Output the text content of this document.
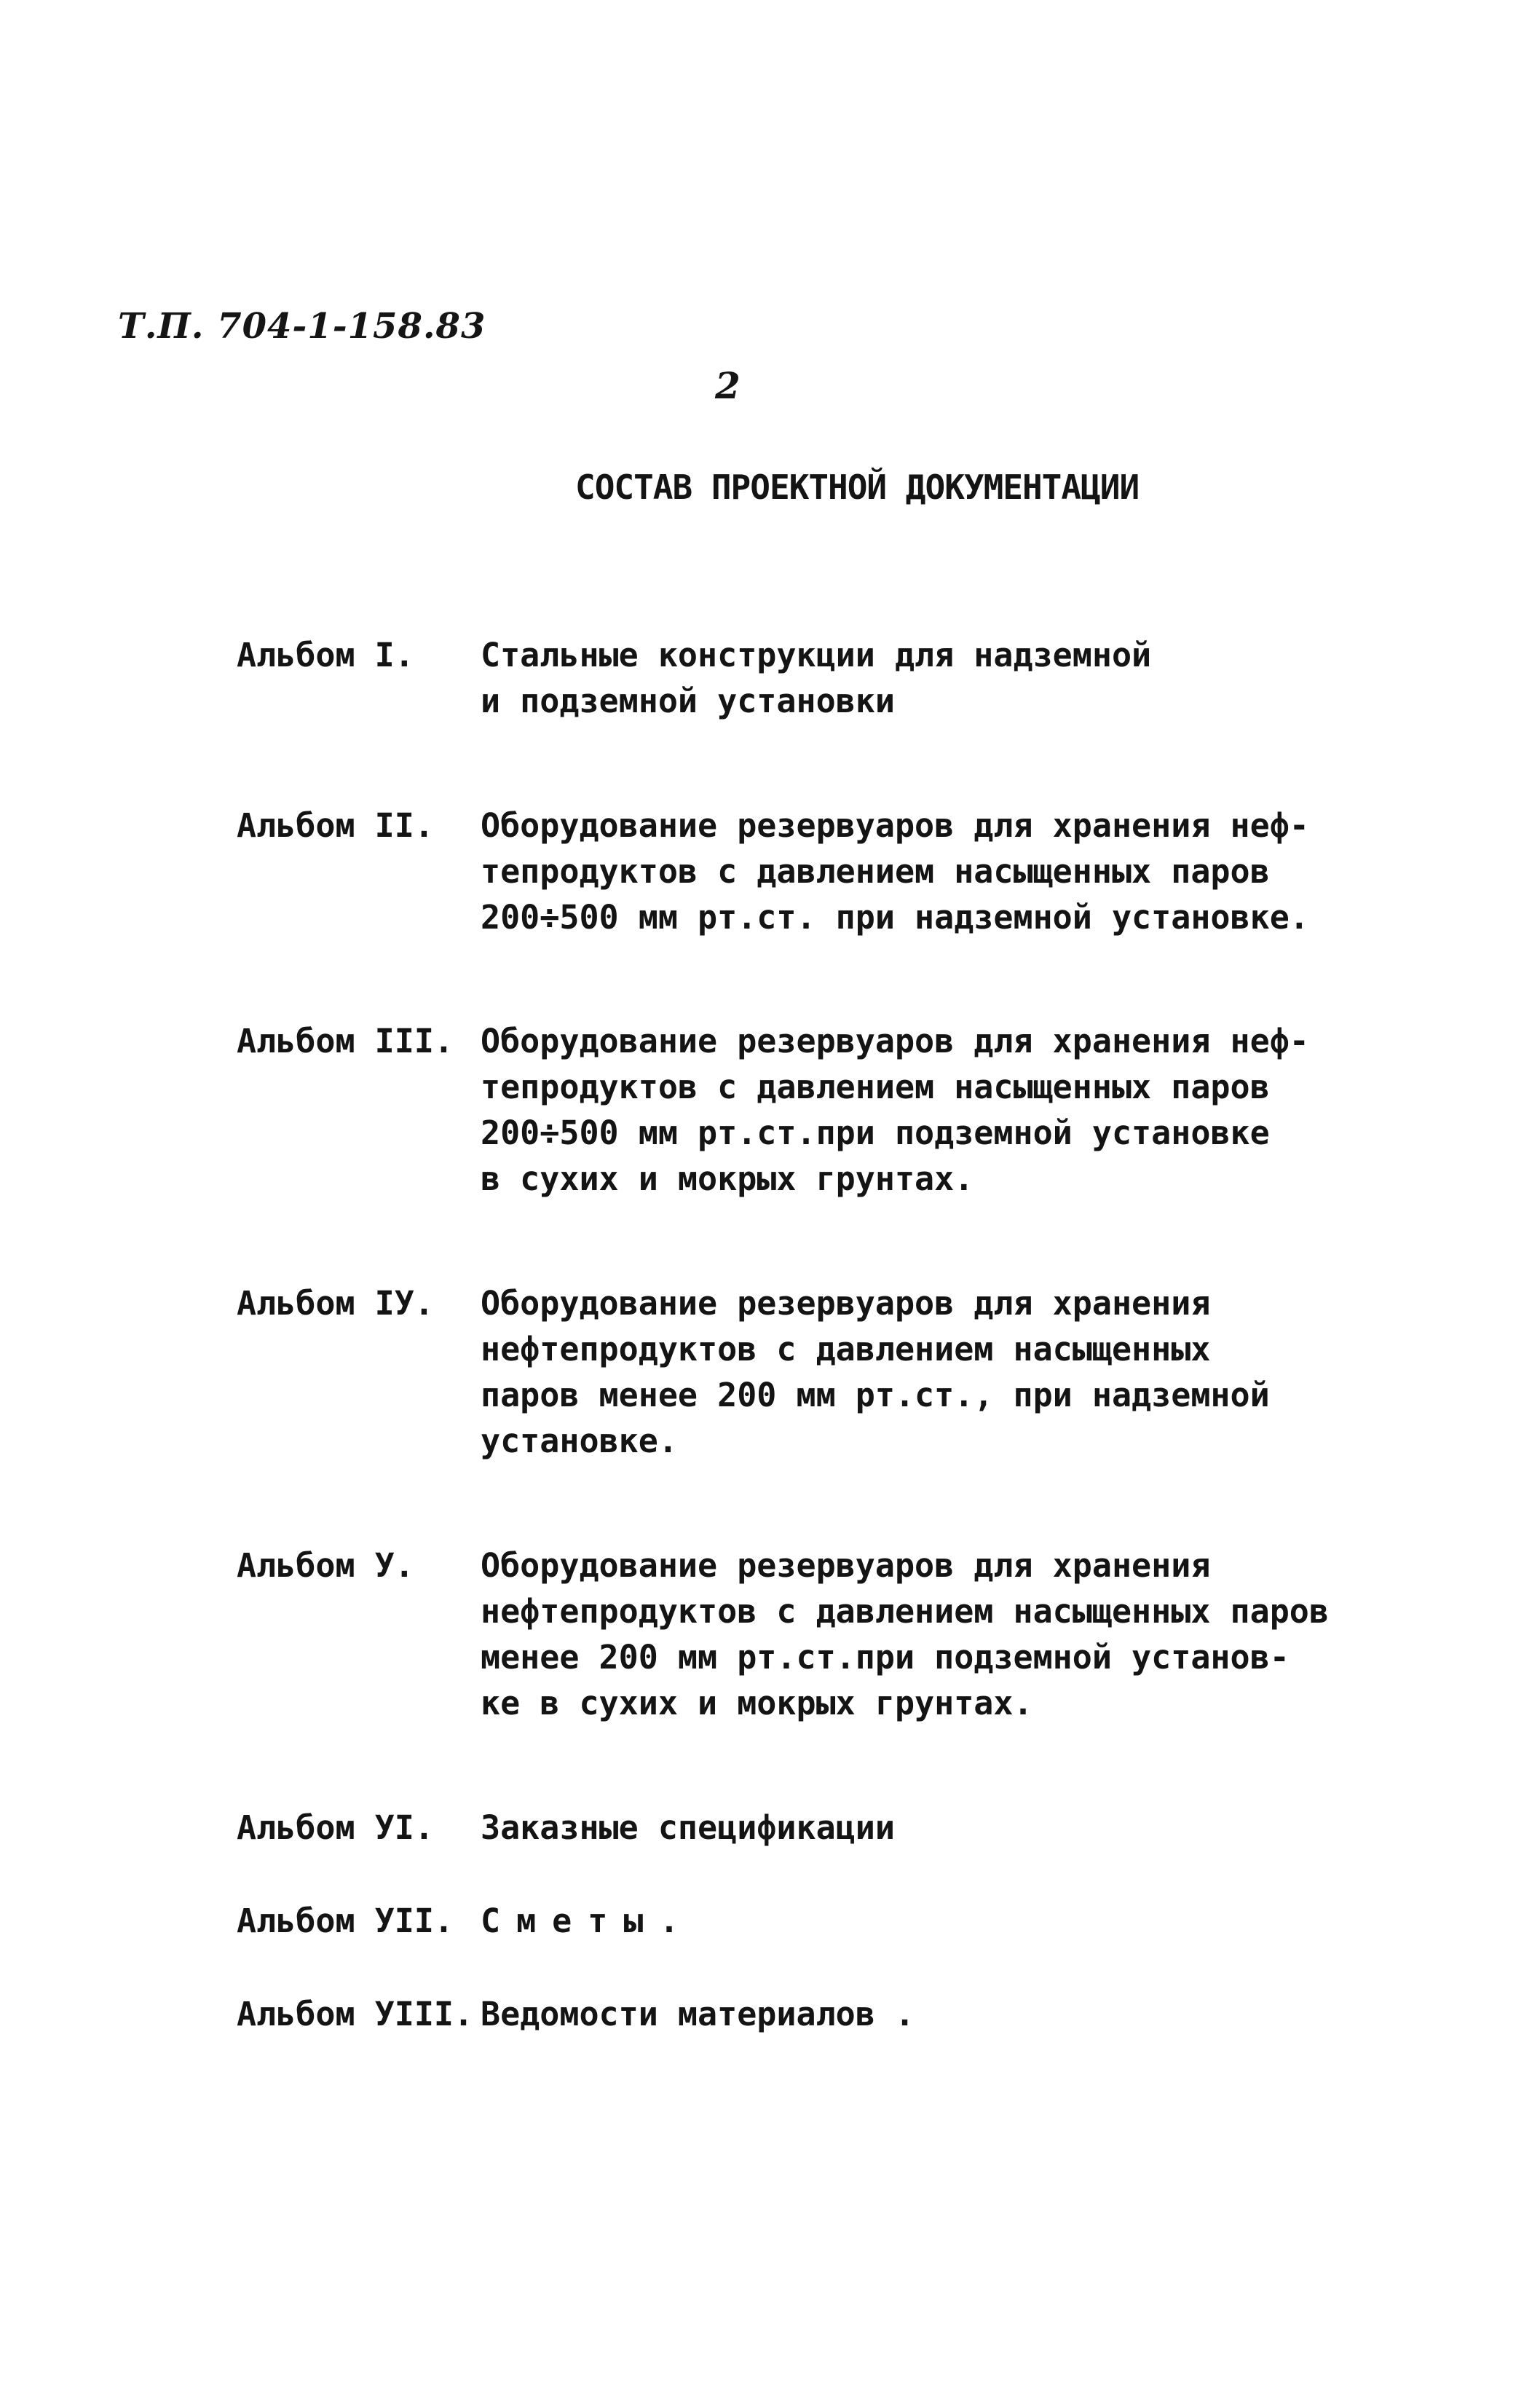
Т.П. 704-1-158.83
2
СОСТАВ ПРОЕКТНОЙ ДОКУМЕНТАЦИИ
Альбом I.	Стальные конструкции для надземной
и подземной установки
Альбом II.	Оборудование резервуаров для хранения неф-
тепродуктов с давлением насыщенных паров
200÷500 мм рт.ст. при надземной установке.
Альбом III. Оборудование резервуаров для хранения неф-
тепродуктов с давлением насыщенных паров
200÷500 мм рт.ст.при подземной установке
в сухих и мокрых грунтах.
Альбом IУ.	Оборудование резервуаров для хранения
нефтепродуктов с давлением насыщенных
паров менее 200 мм рт.ст., при надземной
установке.
Альбом У.	Оборудование резервуаров для хранения
нефтепродуктов с давлением насыщенных паров
менее 200 мм рт.ст.при подземной установ-
ке в сухих и мокрых грунтах.
Альбом УI.	Заказные спецификации
Альбом УII. Сметы.
Альбом УIII. Ведомости материалов .
